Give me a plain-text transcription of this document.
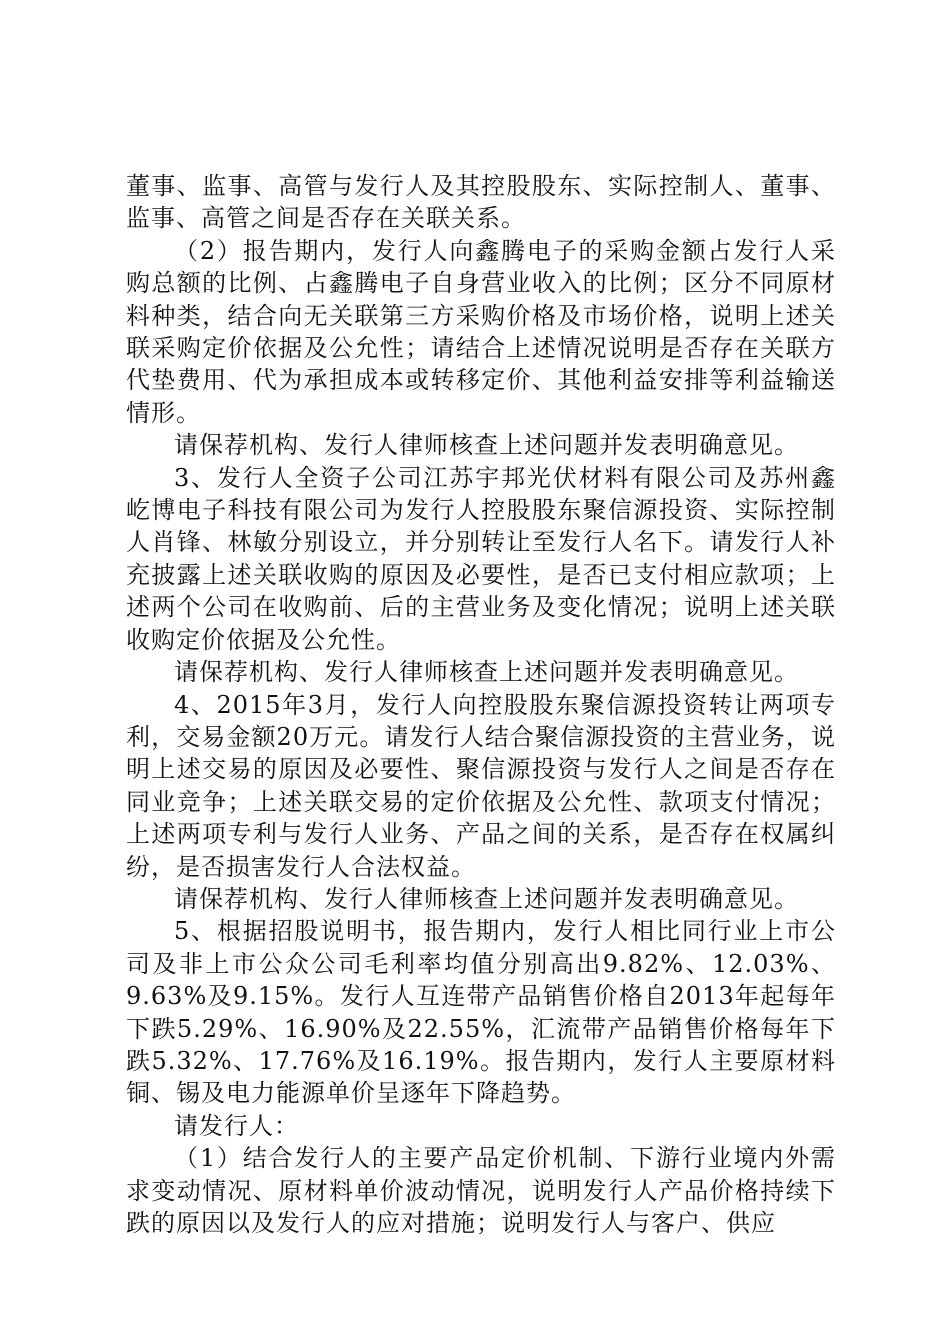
董事、监事、高管与发行人及其控股股东、实际控制人、董事、监事、高管之间是否存在关联关系。

（2）报告期内，发行人向鑫腾电子的采购金额占发行人采购总额的比例、占鑫腾电子自身营业收入的比例；区分不同原材料种类，结合向无关联第三方采购价格及市场价格，说明上述关联采购定价依据及公允性；请结合上述情况说明是否存在关联方代垫费用、代为承担成本或转移定价、其他利益安排等利益输送情形。

请保荐机构、发行人律师核查上述问题并发表明确意见。

3、发行人全资子公司江苏宇邦光伏材料有限公司及苏州鑫屹博电子科技有限公司为发行人控股股东聚信源投资、实际控制人肖锋、林敏分别设立，并分别转让至发行人名下。请发行人补充披露上述关联收购的原因及必要性，是否已支付相应款项；上述两个公司在收购前、后的主营业务及变化情况；说明上述关联收购定价依据及公允性。

请保荐机构、发行人律师核查上述问题并发表明确意见。

4、2015年3月，发行人向控股股东聚信源投资转让两项专利，交易金额20万元。请发行人结合聚信源投资的主营业务，说明上述交易的原因及必要性、聚信源投资与发行人之间是否存在同业竞争；上述关联交易的定价依据及公允性、款项支付情况；上述两项专利与发行人业务、产品之间的关系，是否存在权属纠纷，是否损害发行人合法权益。

请保荐机构、发行人律师核查上述问题并发表明确意见。

5、根据招股说明书，报告期内，发行人相比同行业上市公司及非上市公众公司毛利率均值分别高出9.82%、12.03%、9.63%及9.15%。发行人互连带产品销售价格自2013年起每年下跌5.29%、16.90%及22.55%，汇流带产品销售价格每年下跌5.32%、17.76%及16.19%。报告期内，发行人主要原材料铜、锡及电力能源单价呈逐年下降趋势。

请发行人：

（1）结合发行人的主要产品定价机制、下游行业境内外需求变动情况、原材料单价波动情况，说明发行人产品价格持续下跌的原因以及发行人的应对措施；说明发行人与客户、供应
